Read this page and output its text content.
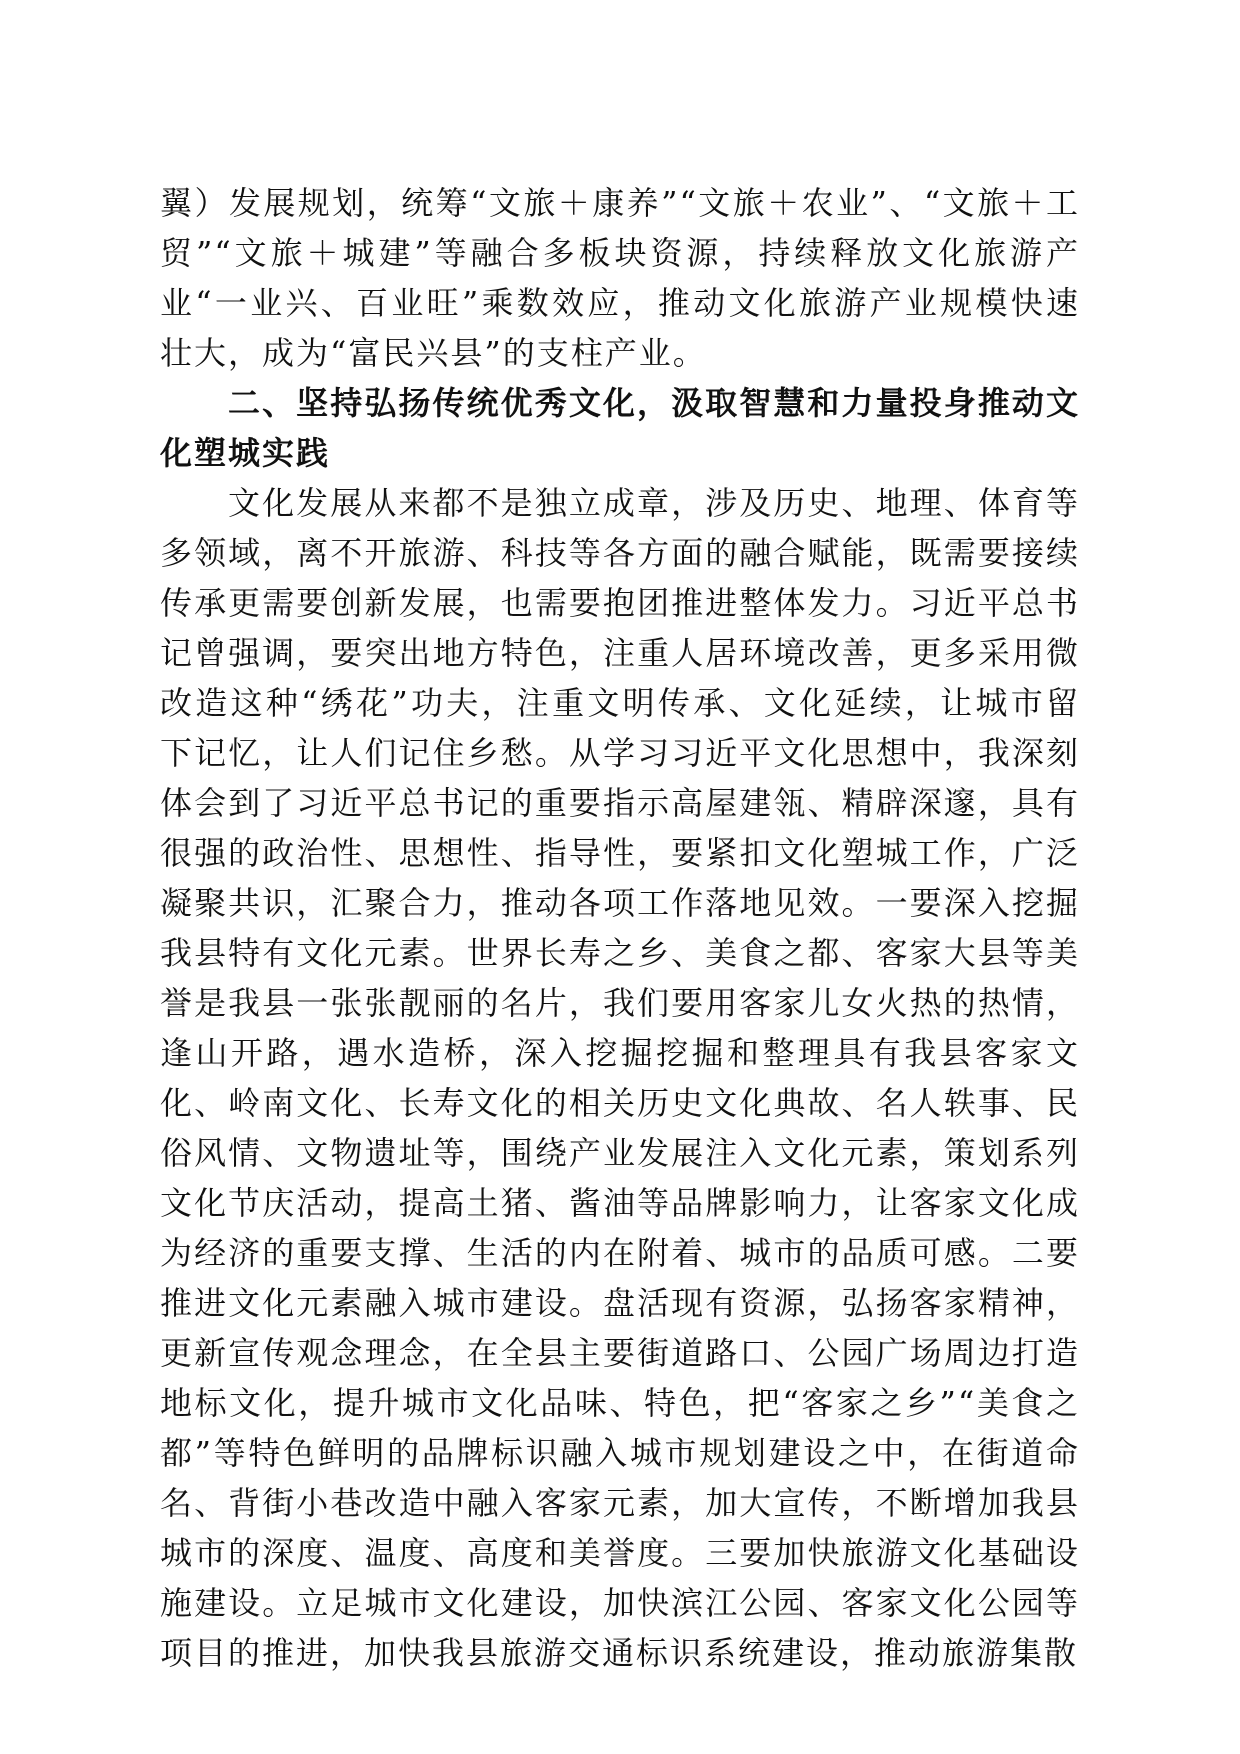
翼）发展规划，统筹“文旅＋康养”“文旅＋农业”、“文旅＋工贸”“文旅＋城建”等融合多板块资源，持续释放文化旅游产业“一业兴、百业旺”乘数效应，推动文化旅游产业规模快速壮大，成为“富民兴县”的支柱产业。

二、坚持弘扬传统优秀文化，汲取智慧和力量投身推动文化塑城实践

文化发展从来都不是独立成章，涉及历史、地理、体育等多领域，离不开旅游、科技等各方面的融合赋能，既需要接续传承更需要创新发展，也需要抱团推进整体发力。习近平总书记曾强调，要突出地方特色，注重人居环境改善，更多采用微改造这种“绣花”功夫，注重文明传承、文化延续，让城市留下记忆，让人们记住乡愁。从学习习近平文化思想中，我深刻体会到了习近平总书记的重要指示高屋建瓴、精辟深邃，具有很强的政治性、思想性、指导性，要紧扣文化塑城工作，广泛凝聚共识，汇聚合力，推动各项工作落地见效。一要深入挖掘我县特有文化元素。世界长寿之乡、美食之都、客家大县等美誉是我县一张张靓丽的名片，我们要用客家儿女火热的热情，逢山开路，遇水造桥，深入挖掘挖掘和整理具有我县客家文化、岭南文化、长寿文化的相关历史文化典故、名人轶事、民俗风情、文物遗址等，围绕产业发展注入文化元素，策划系列文化节庆活动，提高土猪、酱油等品牌影响力，让客家文化成为经济的重要支撑、生活的内在附着、城市的品质可感。二要推进文化元素融入城市建设。盘活现有资源，弘扬客家精神，更新宣传观念理念，在全县主要街道路口、公园广场周边打造地标文化，提升城市文化品味、特色，把“客家之乡”“美食之都”等特色鲜明的品牌标识融入城市规划建设之中，在街道命名、背街小巷改造中融入客家元素，加大宣传，不断增加我县城市的深度、温度、高度和美誉度。三要加快旅游文化基础设施建设。立足城市文化建设，加快滨江公园、客家文化公园等项目的推进，加快我县旅游交通标识系统建设，推动旅游集散
